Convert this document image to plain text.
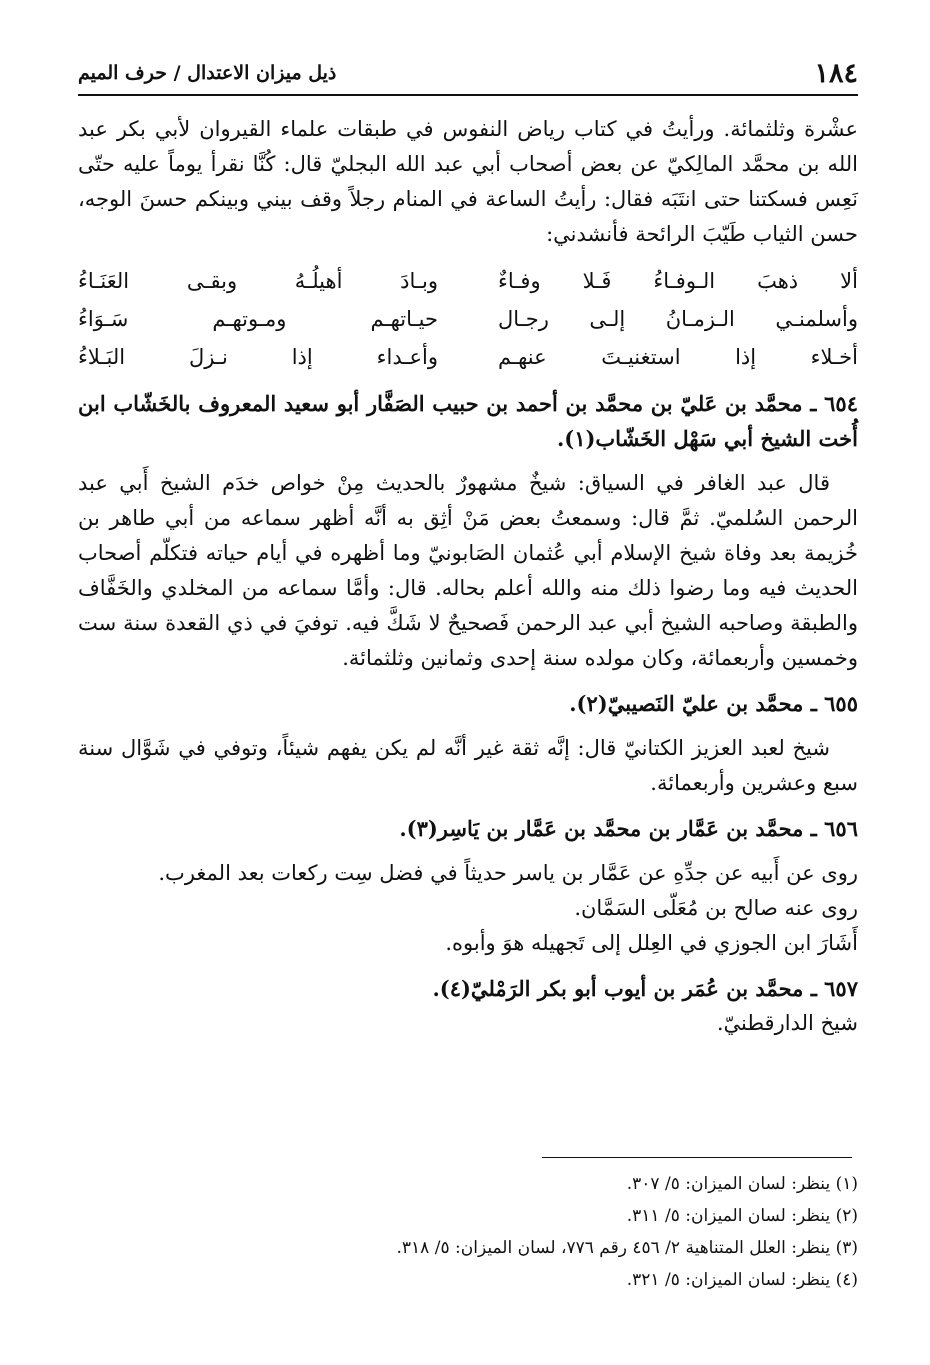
١٨٤
ذيل ميزان الاعتدال / حرف الميم

عشْرة وثلثمائة. ورأيتُ في كتاب رياض النفوس في طبقات علماء القيروان لأبي بكر عبد الله بن محمَّد المالِكيّ عن بعض أصحاب أبي عبد الله البجليّ قال: كُنَّا نقرأ يوماً عليه حتّى نَعِس فسكتنا حتى انتَبَه فقال: رأيتُ الساعة في المنام رجلاً وقف بيني وبينكم حسنَ الوجه، حسن الثياب طَيّبَ الرائحة فأنشدني:

ألا ذهبَ الـوفـاءُ فَـلا وفـاءٌ
وبـادَ أهيلُـهُ وبقـى العَنَـاءُ
وأسلمنـي الـزمـانُ إلـى رجـال
حيـاتهـم ومـوتهـم سَـوَاءُ
أخـلاء إذا استغنيـتَ عنهـم
وأعـداء إذا نـزلَ البَـلاءُ

٦٥٤ ـ محمَّد بن عَليّ بن محمَّد بن أحمد بن حبيب الصَفَّار أبو سعيد المعروف بالخَشّاب ابن أُخت الشيخ أبي سَهْل الخَشّاب(١).

قال عبد الغافر في السياق: شيخٌ مشهورٌ بالحديث مِنْ خواص خدَم الشيخ أَبي عبد الرحمن السُلميّ. ثمَّ قال: وسمعتُ بعض مَنْ أثِق به أنَّه أظهر سماعه من أبي طاهر بن خُزيمة بعد وفاة شيخ الإسلام أبي عُثمان الصَابونيّ وما أظهره في أيام حياته فتكلّم أصحاب الحديث فيه وما رضوا ذلك منه والله أعلم بحاله. قال: وأمَّا سماعه من المخلدي والخَفَّاف والطبقة وصاحبه الشيخ أبي عبد الرحمن فَصحيحٌ لا شَكَّ فيه. توفيَ في ذي القعدة سنة ست وخمسين وأربعمائة، وكان مولده سنة إحدى وثمانين وثلثمائة.

٦٥٥ ـ محمَّد بن عليّ النَصيبيّ(٢).

شيخ لعبد العزيز الكتانيّ قال: إنَّه ثقة غير أنَّه لم يكن يفهم شيئاً، وتوفي في شَوَّال سنة سبع وعشرين وأربعمائة.

٦٥٦ ـ محمَّد بن عَمَّار بن محمَّد بن عَمَّار بن يَاسِر(٣).

روى عن أَبيه عن جدِّهِ عن عَمَّار بن ياسر حديثاً في فضل سِت ركعات بعد المغرب.

روى عنه صالح بن مُعَلّى السَمَّان.

أَشَارَ ابن الجوزي في العِلل إلى تَجهيله هوَ وأبوه.

٦٥٧ ـ محمَّد بن عُمَر بن أيوب أبو بكر الرَمْليّ(٤).

شيخ الدارقطنيّ.

(١) ينظر: لسان الميزان: ٥/ ٣٠٧.
(٢) ينظر: لسان الميزان: ٥/ ٣١١.
(٣) ينظر: العلل المتناهية ٢/ ٤٥٦ رقم ٧٧٦، لسان الميزان: ٥/ ٣١٨.
(٤) ينظر: لسان الميزان: ٥/ ٣٢١.
